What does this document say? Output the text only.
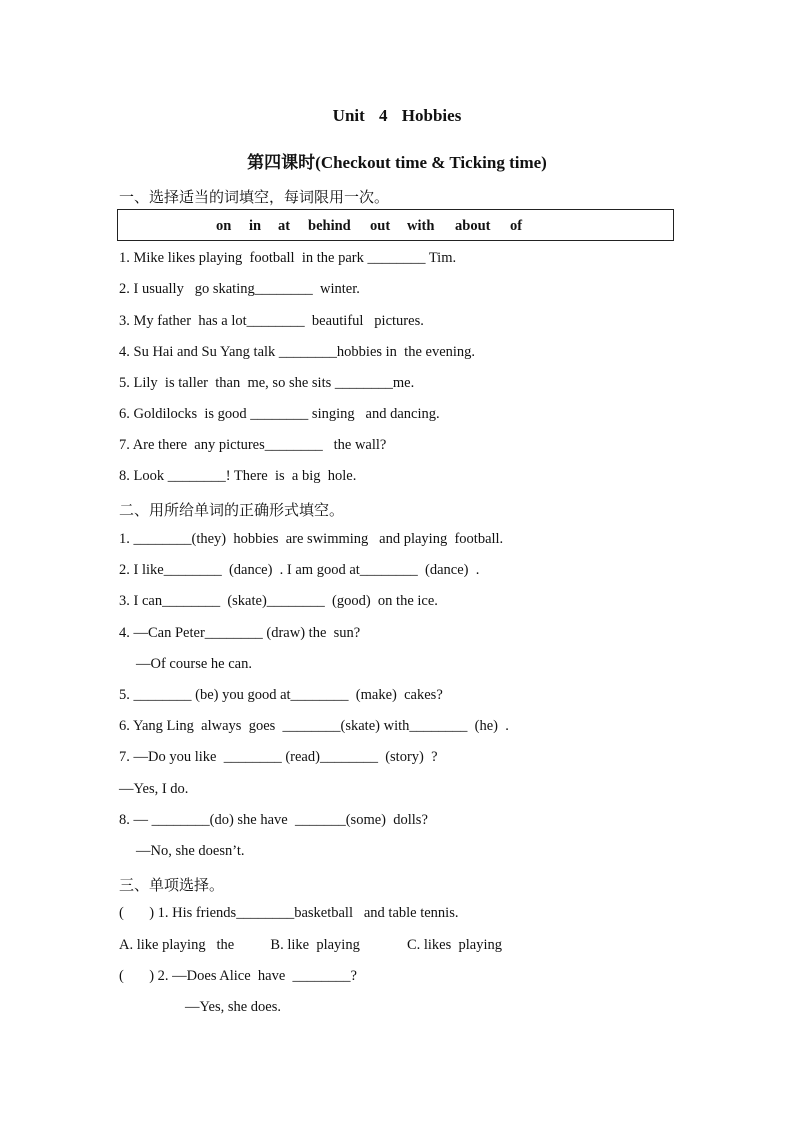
Unit 4 Hobbies
第四课时(Checkout time & Ticking time)
一、选择适当的词填空，每词限用一次。
on in at behind out with about of
1. Mike likes playing  football  in the park ________ Tim.
2. I usually   go skating________  winter.
3. My father  has a lot________  beautiful   pictures.
4. Su Hai and Su Yang talk ________hobbies in  the evening.
5. Lily  is taller  than  me, so she sits ________me.
6. Goldilocks  is good ________ singing   and dancing.
7. Are there  any pictures________   the wall?
8. Look ________! There  is  a big  hole.
二、用所给单词的正确形式填空。
1. ________(they)  hobbies  are swimming   and playing  football.
2. I like________  (dance)  . I am good at________  (dance)  .
3. I can________  (skate)________  (good)  on the ice.
4. —Can Peter________ (draw) the  sun?
—Of course he can.
5. ________ (be) you good at________  (make)  cakes?
6. Yang Ling  always  goes  ________(skate) with________  (he)  .
7. —Do you like  ________ (read)________  (story)  ?
—Yes, I do.
8. — ________(do) she have  _______(some)  dolls?
—No, she doesn’t.
三、单项选择。
(       ) 1. His friends________basketball   and table tennis.
A. like playing   the          B. like  playing             C. likes  playing
(       ) 2. —Does Alice  have  ________?
—Yes, she does.
